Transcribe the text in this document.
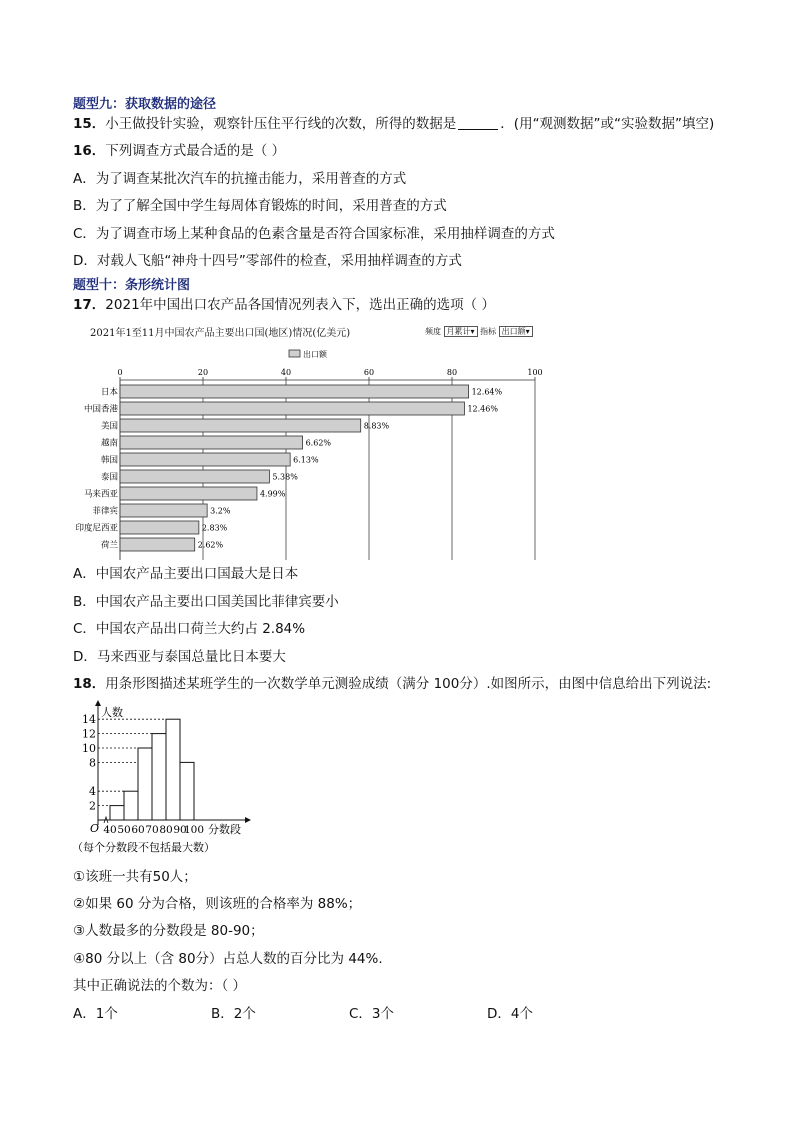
题型九：获取数据的途径
15．小王做投针实验，观察针压住平行线的次数，所得的数据是	．(用“观测数据”或“实验数据”填空)
16．下列调查方式最合适的是（ ）
A．为了调查某批次汽车的抗撞击能力，采用普查的方式
B．为了了解全国中学生每周体育锻炼的时间，采用普查的方式
C．为了调查市场上某种食品的色素含量是否符合国家标准，采用抽样调查的方式
D．对载人飞船“神舟十四号”零部件的检查，采用抽样调查的方式
题型十：条形统计图
17．2021年中国出口农产品各国情况列表入下，选出正确的选项（ ）
2021年1至11月中国农产品主要出口国(地区)情况(亿美元)	频度 月累计▾ 指标 出口额▾
出口额
0	20	40	60	80	100
日本	12.64%
中国香港	12.46%
美国	8.83%
越南	6.62%
韩国	6.13%
泰国	5.38%
马来西亚	4.99%
菲律宾	3.2%
印度尼西亚	2.83%
荷兰	2.62%
A．中国农产品主要出口国最大是日本
B．中国农产品主要出口国美国比菲律宾要小
C．中国农产品出口荷兰大约占 2.84%
D．马来西亚与泰国总量比日本要大
18．用条形图描述某班学生的一次数学单元测验成绩（满分 100分）.如图所示，由图中信息给出下列说法:
人数
O
2
4
8
10
12
14
40 50 60 70 80 90
100 分数段
（每个分数段不包括最大数）
①该班一共有50人；
②如果 60 分为合格，则该班的合格率为 88%；
③人数最多的分数段是 80-90；
④80 分以上（含 80分）占总人数的百分比为 44%.
其中正确说法的个数为：（ ）
A．1个	B．2个	C．3个	D．4个
